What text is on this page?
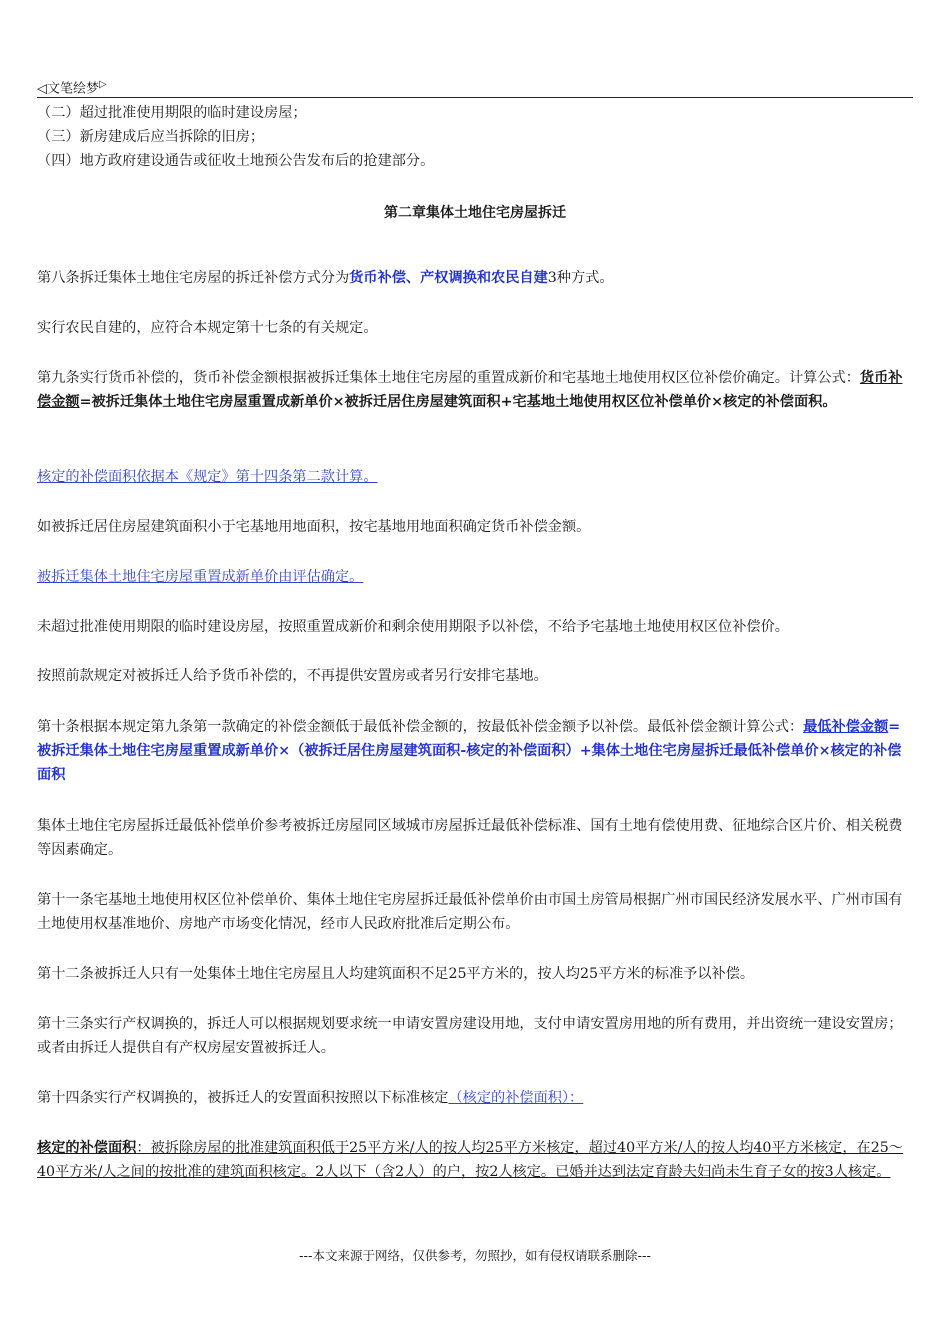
◁文笔绘梦▷

（二）超过批准使用期限的临时建设房屋；

（三）新房建成后应当拆除的旧房；

（四）地方政府建设通告或征收土地预公告发布后的抢建部分。

第二章集体土地住宅房屋拆迁

第八条拆迁集体土地住宅房屋的拆迁补偿方式分为货币补偿、产权调换和农民自建3种方式。

实行农民自建的，应符合本规定第十七条的有关规定。

第九条实行货币补偿的，货币补偿金额根据被拆迁集体土地住宅房屋的重置成新价和宅基地土地使用权区位补偿价确定。计算公式：货币补偿金额=被拆迁集体土地住宅房屋重置成新单价×被拆迁居住房屋建筑面积+宅基地土地使用权区位补偿单价×核定的补偿面积。

核定的补偿面积依据本《规定》第十四条第二款计算。

如被拆迁居住房屋建筑面积小于宅基地用地面积，按宅基地用地面积确定货币补偿金额。

被拆迁集体土地住宅房屋重置成新单价由评估确定。

未超过批准使用期限的临时建设房屋，按照重置成新价和剩余使用期限予以补偿，不给予宅基地土地使用权区位补偿价。

按照前款规定对被拆迁人给予货币补偿的，不再提供安置房或者另行安排宅基地。

第十条根据本规定第九条第一款确定的补偿金额低于最低补偿金额的，按最低补偿金额予以补偿。最低补偿金额计算公式：最低补偿金额=被拆迁集体土地住宅房屋重置成新单价×（被拆迁居住房屋建筑面积-核定的补偿面积）+集体土地住宅房屋拆迁最低补偿单价×核定的补偿面积

集体土地住宅房屋拆迁最低补偿单价参考被拆迁房屋同区域城市房屋拆迁最低补偿标准、国有土地有偿使用费、征地综合区片价、相关税费等因素确定。

第十一条宅基地土地使用权区位补偿单价、集体土地住宅房屋拆迁最低补偿单价由市国土房管局根据广州市国民经济发展水平、广州市国有土地使用权基准地价、房地产市场变化情况，经市人民政府批准后定期公布。

第十二条被拆迁人只有一处集体土地住宅房屋且人均建筑面积不足25平方米的，按人均25平方米的标准予以补偿。

第十三条实行产权调换的，拆迁人可以根据规划要求统一申请安置房建设用地，支付申请安置房用地的所有费用，并出资统一建设安置房；或者由拆迁人提供自有产权房屋安置被拆迁人。

第十四条实行产权调换的，被拆迁人的安置面积按照以下标准核定（核定的补偿面积）：

核定的补偿面积：被拆除房屋的批准建筑面积低于25平方米/人的按人均25平方米核定，超过40平方米/人的按人均40平方米核定，在25～40平方米/人之间的按批准的建筑面积核定。2人以下（含2人）的户，按2人核定。已婚并达到法定育龄夫妇尚未生育子女的按3人核定。

---本文来源于网络，仅供参考，勿照抄，如有侵权请联系删除---
